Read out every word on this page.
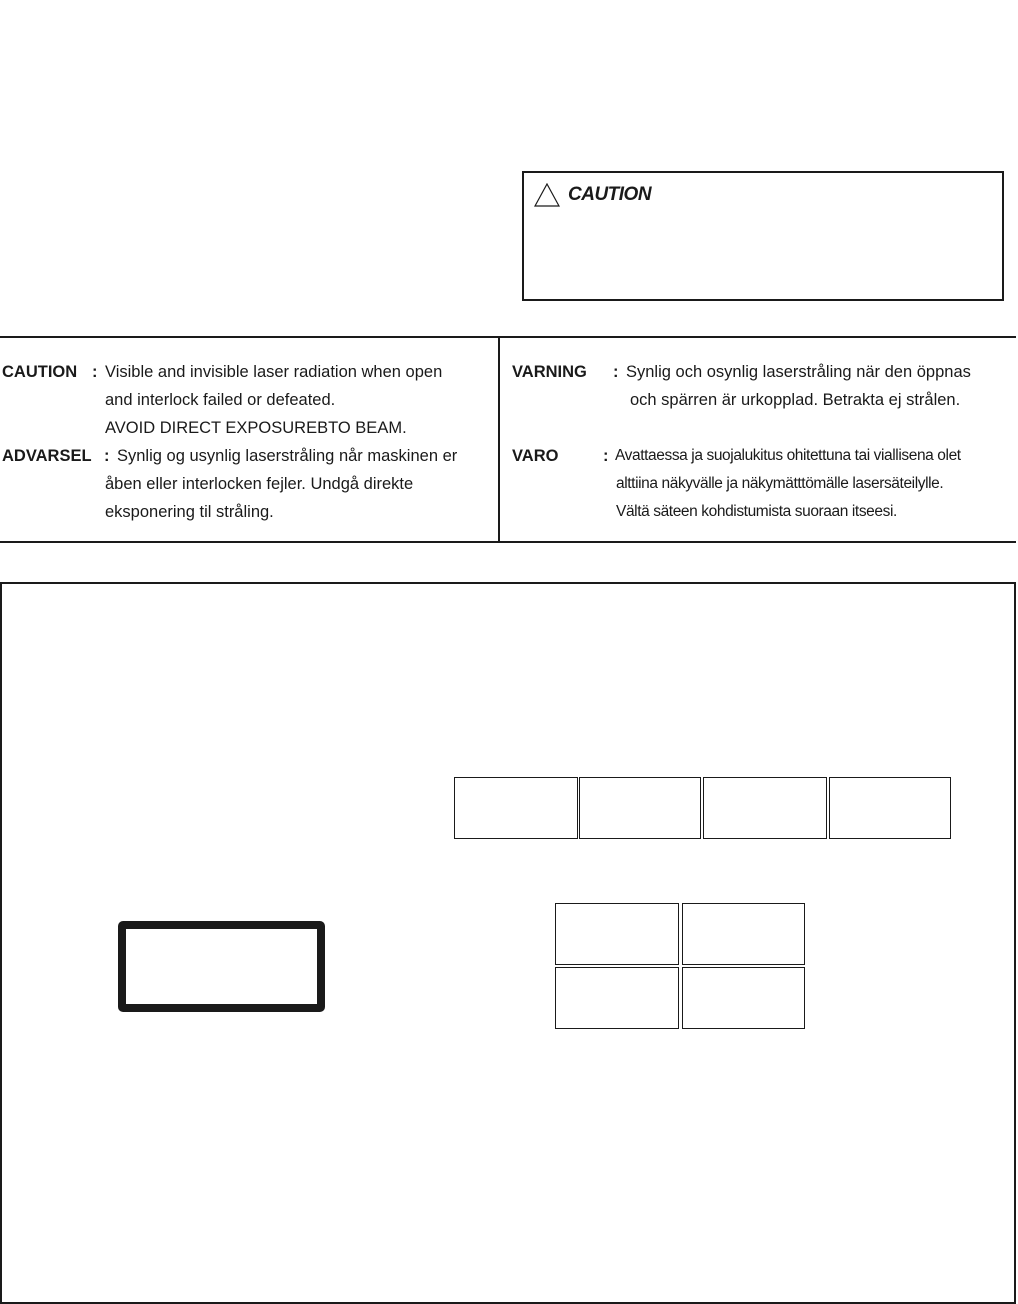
CAUTION
CAUTION : Visible and invisible laser radiation when open
and interlock failed or defeated.
AVOID DIRECT EXPOSUREBTO BEAM.
ADVARSEL : Synlig og usynlig laserstråling når maskinen er
åben eller interlocken fejler. Undgå direkte
eksponering til stråling.
VARNING : Synlig och osynlig laserstråling när den öppnas
och spärren är urkopplad. Betrakta ej strålen.
VARO	: Avattaessa ja suojalukitus ohitettuna tai viallisena olet
alttiina näkyvälle ja näkymätttömälle lasersäteilylle.
Vältä säteen kohdistumista suoraan itseesi.
